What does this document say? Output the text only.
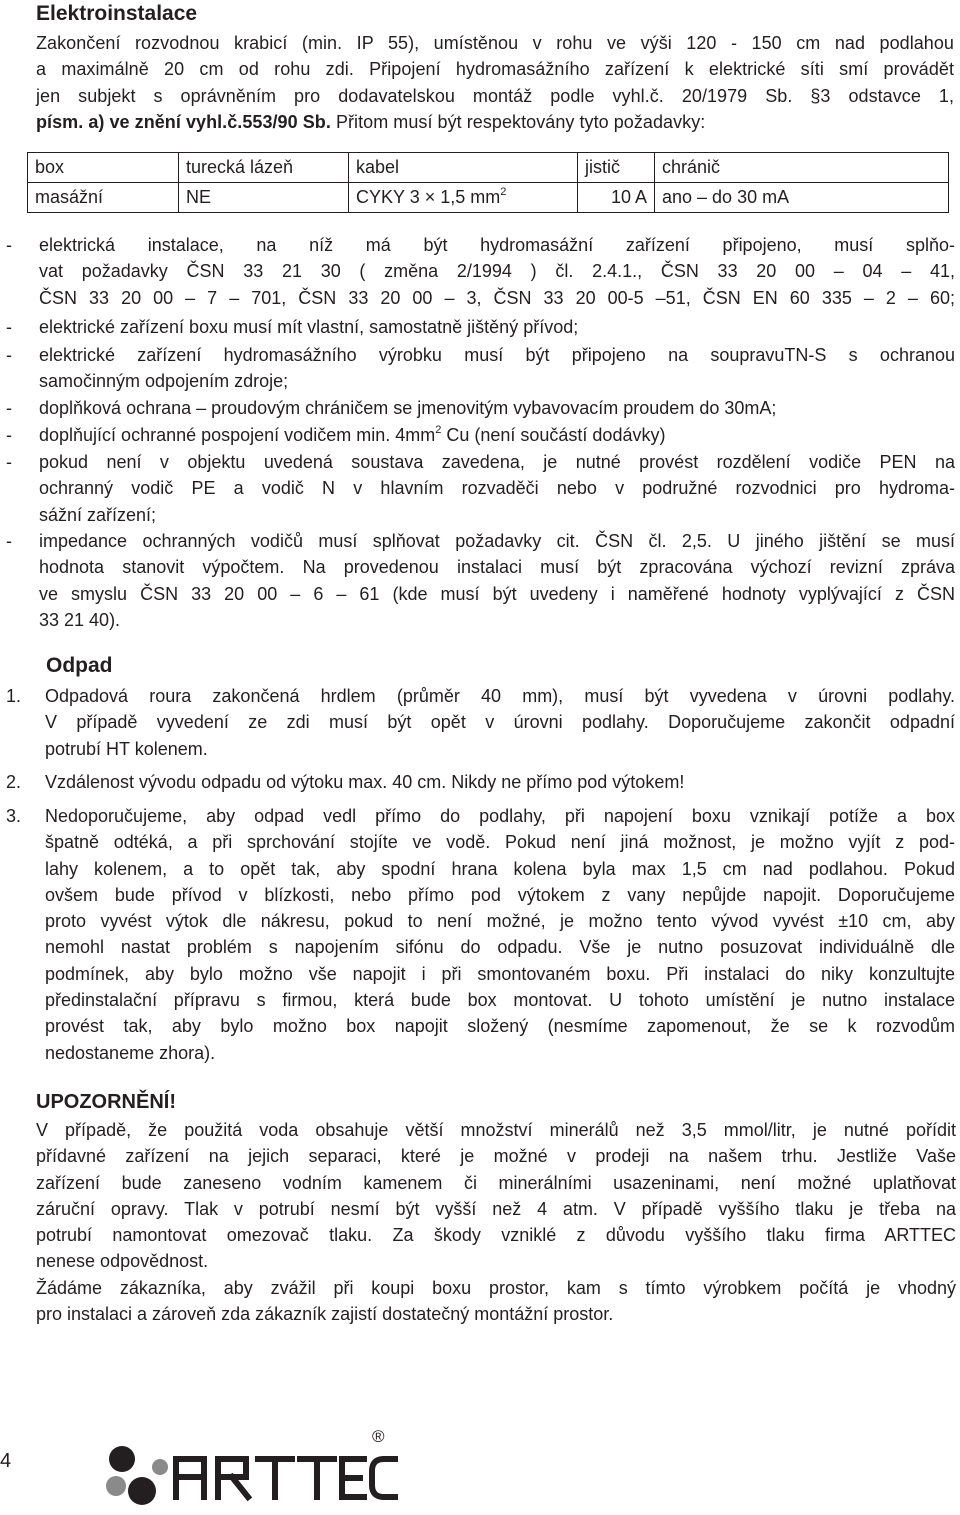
Elektroinstalace
Zakončení rozvodnou krabicí (min. IP 55), umístěnou v rohu ve výši 120 - 150 cm nad podlahou
a maximálně 20 cm od rohu zdi. Připojení hydromasážního zařízení k elektrické síti smí provádět
jen subjekt s oprávněním pro dodavatelskou montáž podle vyhl.č. 20/1979 Sb. §3 odstavce 1,
písm. a) ve znění vyhl.č.553/90 Sb. Přitom musí být respektovány tyto požadavky:
box	turecká lázeň	kabel	jistič	chránič
masážní	NE	CYKY 3 × 1,5 $mm^2$	10 A	ano – do 30 mA
- elektrická instalace, na níž má být hydromasážní zařízení připojeno, musí splňo-
vat požadavky ČSN 33 21 30 ( změna 2/1994 ) čl. 2.4.1., ČSN 33 20 00 – 04 – 41,
ČSN 33 20 00 – 7 – 701, ČSN 33 20 00 – 3, ČSN 33 20 00-5 –51, ČSN EN 60 335 – 2 – 60;
- elektrické zařízení boxu musí mít vlastní, samostatně jištěný přívod;
- elektrické zařízení hydromasážního výrobku musí být připojeno na soupravuTN-S s ochranou
samočinným odpojením zdroje;
- doplňková ochrana – proudovým chráničem se jmenovitým vybavovacím proudem do 30mA;
- doplňující ochranné pospojení vodičem min. $4mm^2$ Cu (není součástí dodávky)
- pokud není v objektu uvedená soustava zavedena, je nutné provést rozdělení vodiče PEN na
ochranný vodič PE a vodič N v hlavním rozvaděči nebo v podružné rozvodnici pro hydroma-
sážní zařízení;
- impedance ochranných vodičů musí splňovat požadavky cit. ČSN čl. 2,5. U jiného jištění se musí
hodnota stanovit výpočtem. Na provedenou instalaci musí být zpracována výchozí revizní zpráva
ve smyslu ČSN 33 20 00 – 6 – 61 (kde musí být uvedeny i naměřené hodnoty vyplývající z ČSN
33 21 40).
Odpad
1. Odpadová roura zakončená hrdlem (průměr 40 mm), musí být vyvedena v úrovni podlahy.
V případě vyvedení ze zdi musí být opět v úrovni podlahy. Doporučujeme zakončit odpadní
potrubí HT kolenem.
2. Vzdálenost vývodu odpadu od výtoku max. 40 cm. Nikdy ne přímo pod výtokem!
3. Nedoporučujeme, aby odpad vedl přímo do podlahy, při napojení boxu vznikají potíže a box
špatně odtéká, a při sprchování stojíte ve vodě. Pokud není jiná možnost, je možno vyjít z pod-
lahy kolenem, a to opět tak, aby spodní hrana kolena byla max 1,5 cm nad podlahou. Pokud
ovšem bude přívod v blízkosti, nebo přímo pod výtokem z vany nepůjde napojit. Doporučujeme
proto vyvést výtok dle nákresu, pokud to není možné, je možno tento vývod vyvést ±10 cm, aby
nemohl nastat problém s napojením sifónu do odpadu. Vše je nutno posuzovat individuálně dle
podmínek, aby bylo možno vše napojit i při smontovaném boxu. Při instalaci do niky konzultujte
předinstalační přípravu s firmou, která bude box montovat. U tohoto umístění je nutno instalace
provést tak, aby bylo možno box napojit složený (nesmíme zapomenout, že se k rozvodům
nedostaneme zhora).
UPOZORNĚNÍ!
V případě, že použitá voda obsahuje větší množství minerálů než 3,5 mmol/litr, je nutné pořídit
přídavné zařízení na jejich separaci, které je možné v prodeji na našem trhu. Jestliže Vaše
zařízení bude zaneseno vodním kamenem či minerálními usazeninami, není možné uplatňovat
záruční opravy. Tlak v potrubí nesmí být vyšší než 4 atm. V případě vyššího tlaku je třeba na
potrubí namontovat omezovač tlaku. Za škody vzniklé z důvodu vyššího tlaku firma ARTTEC
nenese odpovědnost.
Žádáme zákazníka, aby zvážil při koupi boxu prostor, kam s tímto výrobkem počítá je vhodný
pro instalaci a zároveň zda zákazník zajistí dostatečný montážní prostor.
4
®
